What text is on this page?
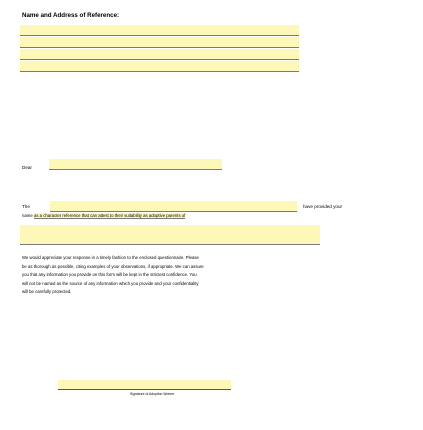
Name and Address of Reference:
Dear
The	have provided your
name as a character reference that can attest to their suitability as adoptive parents of
We would appreciate your response in a timely fashion to the enclosed questionnaire. Please
be as thorough as possible, citing examples of your observations, if appropriate. We can assure
you that any information you provide on this form will be kept in the strictest confidence. You
will not be named as the source of any information which you provide and your confidentiality
will be carefully protected.
Signature of Adoption Worker
